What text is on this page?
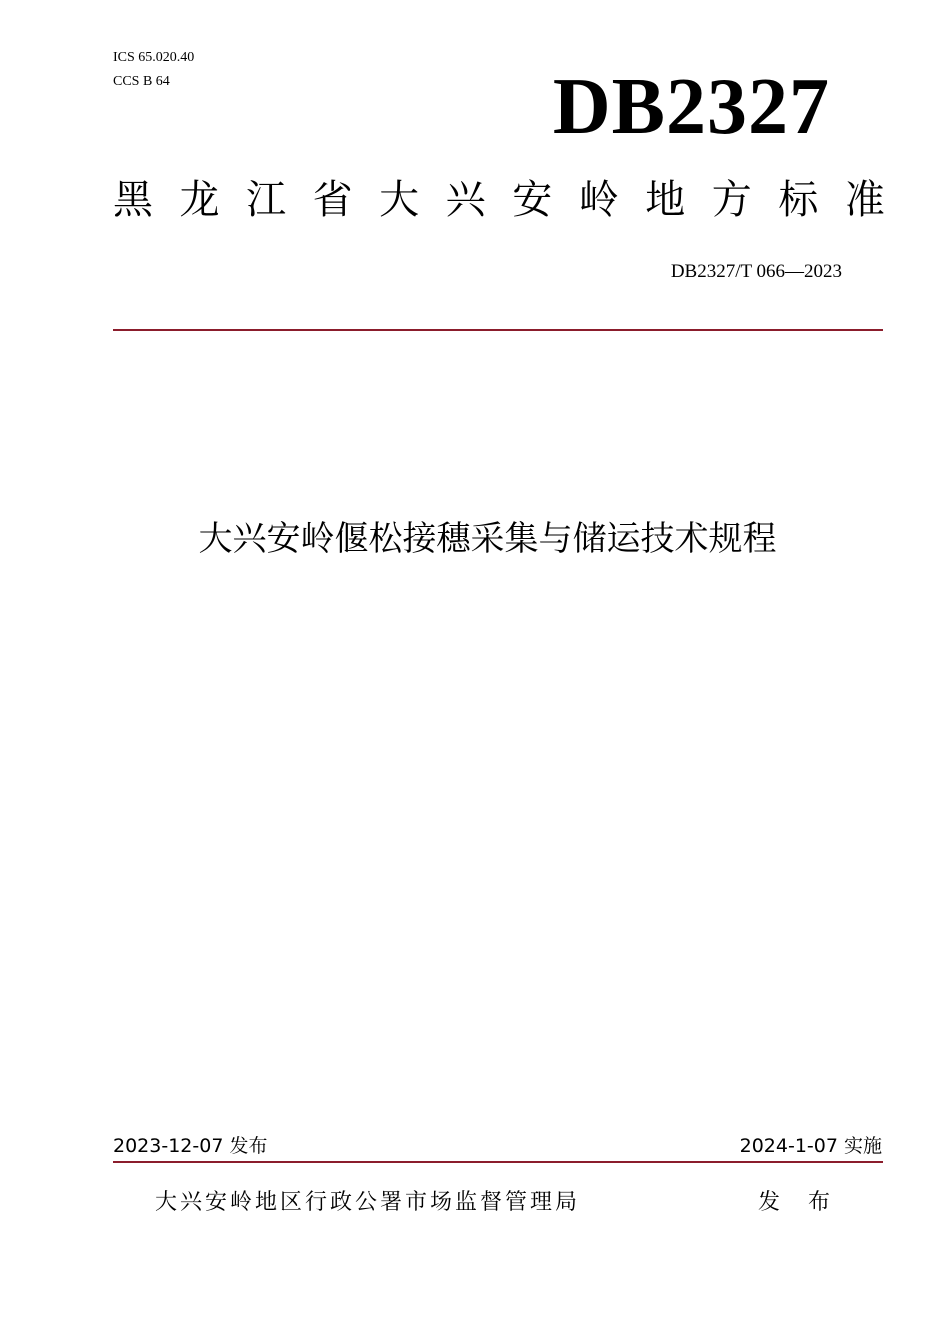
ICS 65.020.40
CCS B 64	DB2327
黑 龙 江 省 大 兴 安 岭 地 方 标 准
DB2327/T 066—2023
大兴安岭偃松接穗采集与储运技术规程
2023-12-07 发布	2024-1-07 实施
大兴安岭地区行政公署市场监督管理局	发布
